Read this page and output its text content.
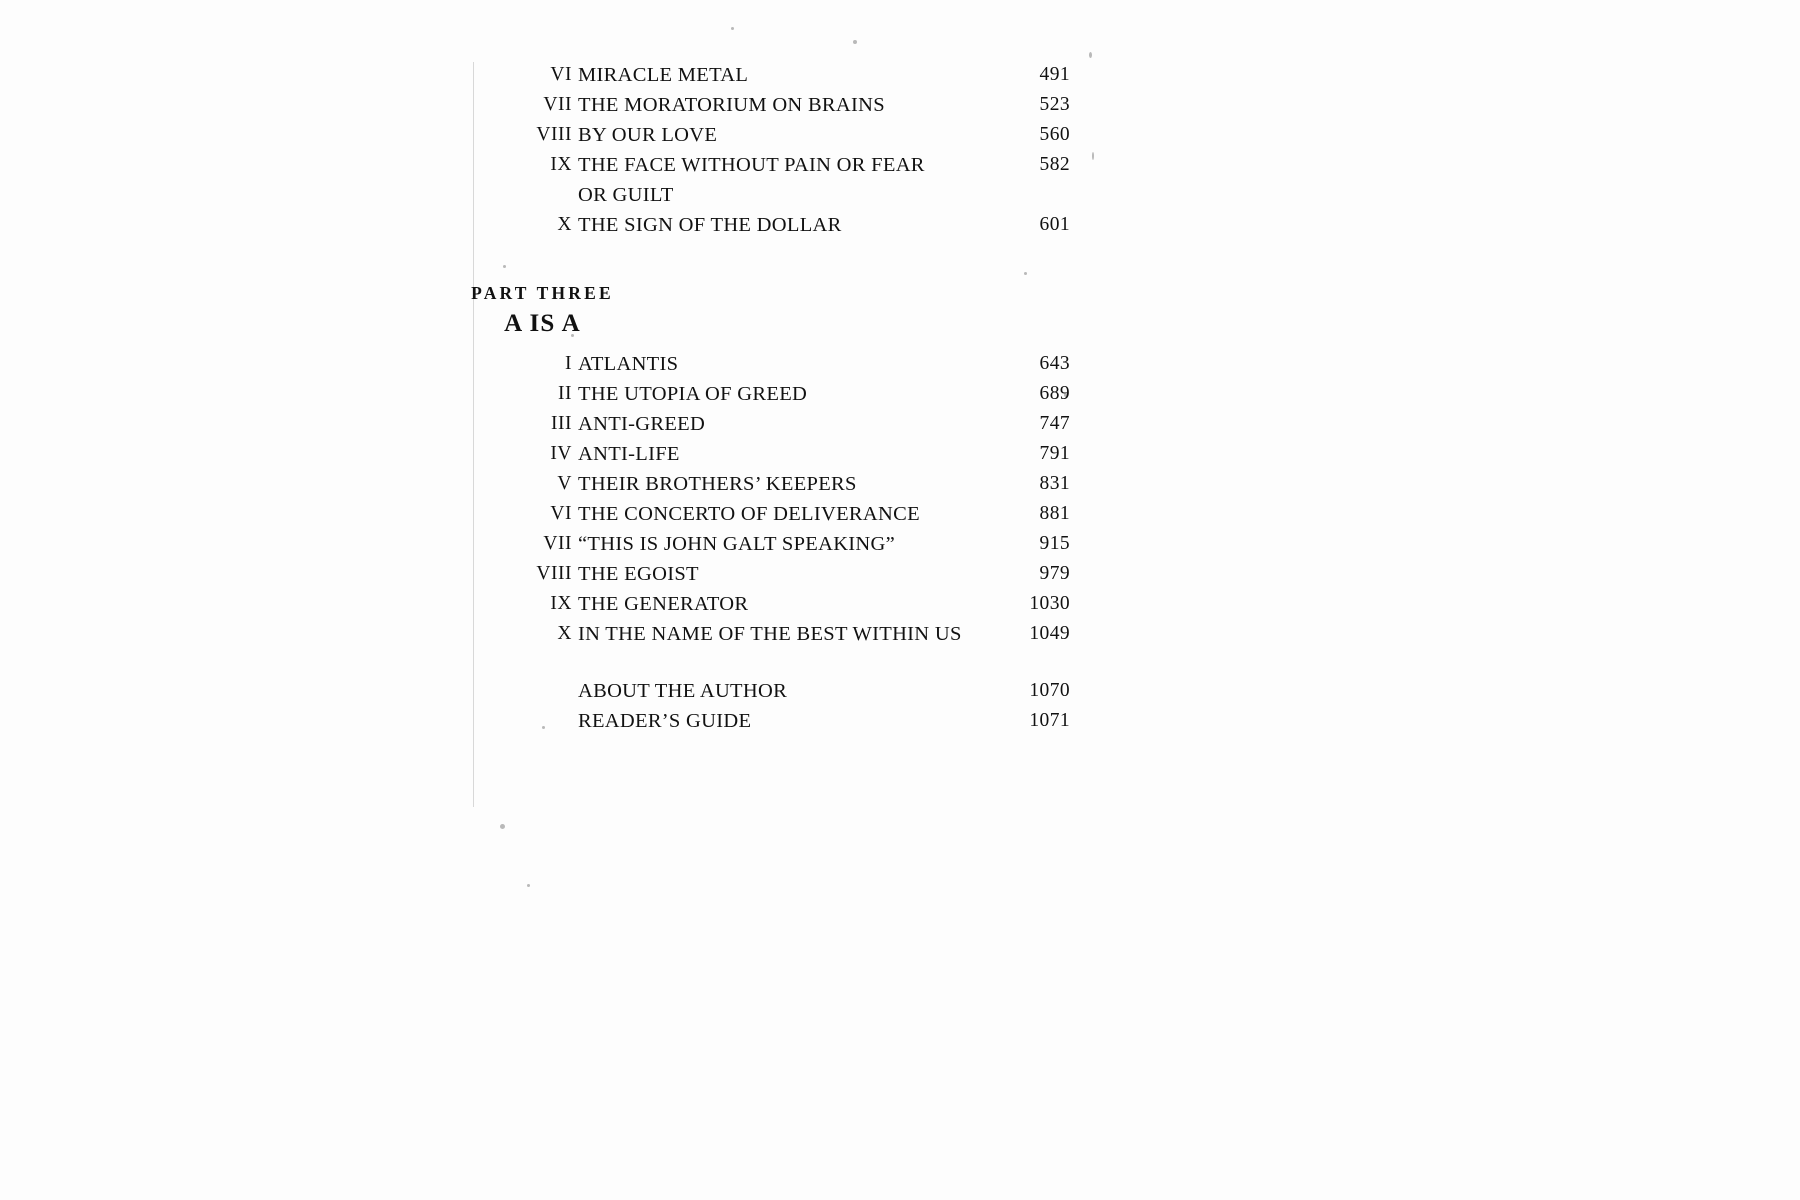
VI MIRACLE METAL	491
VII THE MORATORIUM ON BRAINS	523
VIII BY OUR LOVE	560
IX THE FACE WITHOUT PAIN OR FEAR	582
OR GUILT
X THE SIGN OF THE DOLLAR	601
PART THREE
A IS A
I ATLANTIS	643
II THE UTOPIA OF GREED	689
III ANTI-GREED	747
IV ANTI-LIFE	791
V THEIR BROTHERS’ KEEPERS	831
VI THE CONCERTO OF DELIVERANCE	881
VII “THIS IS JOHN GALT SPEAKING”	915
VIII THE EGOIST	979
IX THE GENERATOR	1030
X IN THE NAME OF THE BEST WITHIN US	1049
ABOUT THE AUTHOR	1070
READER’S GUIDE	1071
